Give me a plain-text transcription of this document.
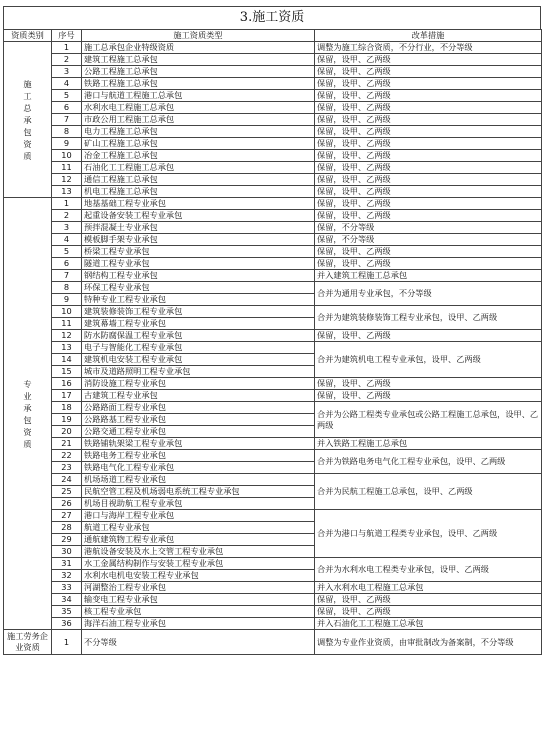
3.施工资质
资质类别	序号	施工资质类型	改革措施

施工总承包资质	1	施工总承包企业特级资质	调整为施工综合资质，不分行业，不分等级
	2	建筑工程施工总承包	保留，设甲、乙两级
	3	公路工程施工总承包	保留，设甲、乙两级
	4	铁路工程施工总承包	保留，设甲、乙两级
	5	港口与航道工程施工总承包	保留，设甲、乙两级
	6	水利水电工程施工总承包	保留，设甲、乙两级
	7	市政公用工程施工总承包	保留，设甲、乙两级
	8	电力工程施工总承包	保留，设甲、乙两级
	9	矿山工程施工总承包	保留，设甲、乙两级
	10	冶金工程施工总承包	保留，设甲、乙两级
	11	石油化工工程施工总承包	保留，设甲、乙两级
	12	通信工程施工总承包	保留，设甲、乙两级
	13	机电工程施工总承包	保留，设甲、乙两级

专业承包资质	1	地基基础工程专业承包	保留，设甲、乙两级
	2	起重设备安装工程专业承包	保留，设甲、乙两级
	3	预拌混凝土专业承包	保留，不分等级
	4	模板脚手架专业承包	保留，不分等级
	5	桥梁工程专业承包	保留，设甲、乙两级
	6	隧道工程专业承包	保留，设甲、乙两级
	7	钢结构工程专业承包	并入建筑工程施工总承包
	8	环保工程专业承包	合并为通用专业承包，不分等级
	9	特种专业工程专业承包	
	10	建筑装修装饰工程专业承包	合并为建筑装修装饰工程专业承包，设甲、乙两级
	11	建筑幕墙工程专业承包	
	12	防水防腐保温工程专业承包	保留，设甲、乙两级
	13	电子与智能化工程专业承包	合并为建筑机电工程专业承包，设甲、乙两级
	14	建筑机电安装工程专业承包	
	15	城市及道路照明工程专业承包	
	16	消防设施工程专业承包	保留，设甲、乙两级
	17	古建筑工程专业承包	保留，设甲、乙两级
	18	公路路面工程专业承包	合并为公路工程类专业承包或公路工程施工总承包，设甲、乙两级
	19	公路路基工程专业承包	
	20	公路交通工程专业承包	
	21	铁路铺轨架梁工程专业承包	并入铁路工程施工总承包
	22	铁路电务工程专业承包	合并为铁路电务电气化工程专业承包，设甲、乙两级
	23	铁路电气化工程专业承包	
	24	机场场道工程专业承包	合并为民航工程施工总承包，设甲、乙两级
	25	民航空管工程及机场弱电系统工程专业承包	
	26	机场目视助航工程专业承包	
	27	港口与海岸工程专业承包	合并为港口与航道工程类专业承包，设甲、乙两级
	28	航道工程专业承包	
	29	通航建筑物工程专业承包	
	30	港航设备安装及水上交管工程专业承包	
	31	水工金属结构制作与安装工程专业承包	合并为水利水电工程类专业承包，设甲、乙两级
	32	水利水电机电安装工程专业承包	
	33	河湖整治工程专业承包	并入水利水电工程施工总承包
	34	输变电工程专业承包	保留，设甲、乙两级
	35	核工程专业承包	保留，设甲、乙两级
	36	海洋石油工程专业承包	并入石油化工工程施工总承包
施工劳务企业资质	1	不分等级	调整为专业作业资质，由审批制改为备案制，不分等级
